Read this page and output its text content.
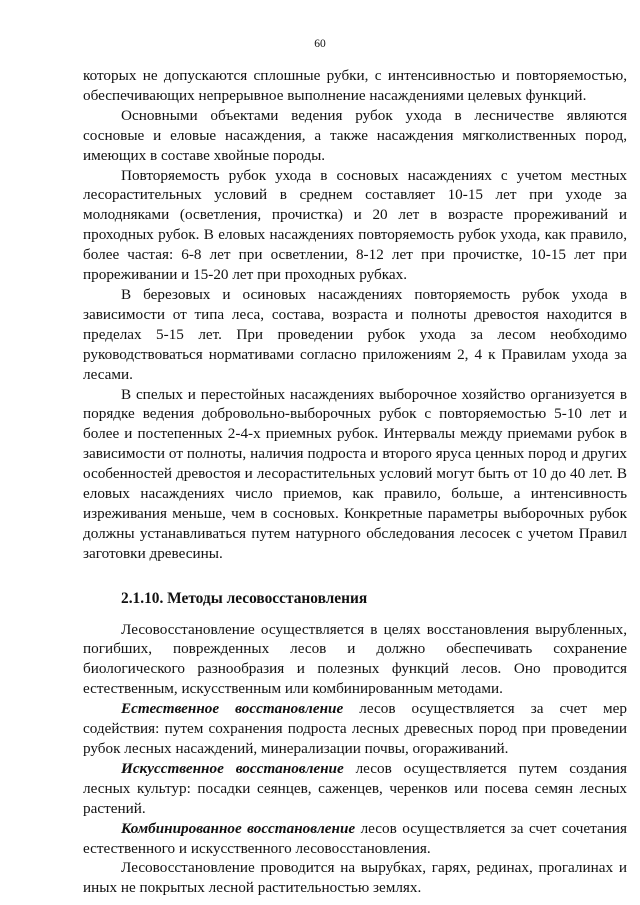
60

которых не допускаются сплошные рубки, с интенсивностью и повторяемостью, обеспечивающих непрерывное выполнение насаждениями целевых функций.

Основными объектами ведения рубок ухода в лесничестве являются сосновые и еловые насаждения, а также насаждения мягколиственных пород, имеющих в составе хвойные породы.

Повторяемость рубок ухода в сосновых насаждениях с учетом местных лесорастительных условий в среднем составляет 10-15 лет при уходе за молодняками (осветления, прочистка) и 20 лет в возрасте прореживаний и проходных рубок. В еловых насаждениях повторяемость рубок ухода, как правило, более частая: 6-8 лет при осветлении, 8-12 лет при прочистке, 10-15 лет при прореживании и 15-20 лет при проходных рубках.

В березовых и осиновых насаждениях повторяемость рубок ухода в зависимости от типа леса, состава, возраста и полноты древостоя находится в пределах 5-15 лет. При проведении рубок ухода за лесом необходимо руководствоваться нормативами согласно приложениям 2, 4 к Правилам ухода за лесами.

В спелых и перестойных насаждениях выборочное хозяйство организуется в порядке ведения добровольно-выборочных рубок с повторяемостью 5-10 лет и более и постепенных 2-4-х приемных рубок. Интервалы между приемами рубок в зависимости от полноты, наличия подроста и второго яруса ценных пород и других особенностей древостоя и лесорастительных условий могут быть от 10 до 40 лет. В еловых насаждениях число приемов, как правило, больше, а интенсивность изреживания меньше, чем в сосновых. Конкретные параметры выборочных рубок должны устанавливаться путем натурного обследования лесосек с учетом Правил заготовки древесины.

2.1.10. Методы лесовосстановления

Лесовосстановление осуществляется в целях восстановления вырубленных, погибших, поврежденных лесов и должно обеспечивать сохранение биологического разнообразия и полезных функций лесов. Оно проводится естественным, искусственным или комбинированным методами.

Естественное восстановление лесов осуществляется за счет мер содействия: путем сохранения подроста лесных древесных пород при проведении рубок лесных насаждений, минерализации почвы, огораживаний.

Искусственное восстановление лесов осуществляется путем создания лесных культур: посадки сеянцев, саженцев, черенков или посева семян лесных растений.

Комбинированное восстановление лесов осуществляется за счет сочетания естественного и искусственного лесовосстановления.

Лесовосстановление проводится на вырубках, гарях, рединах, прогалинах и иных не покрытых лесной растительностью землях.
